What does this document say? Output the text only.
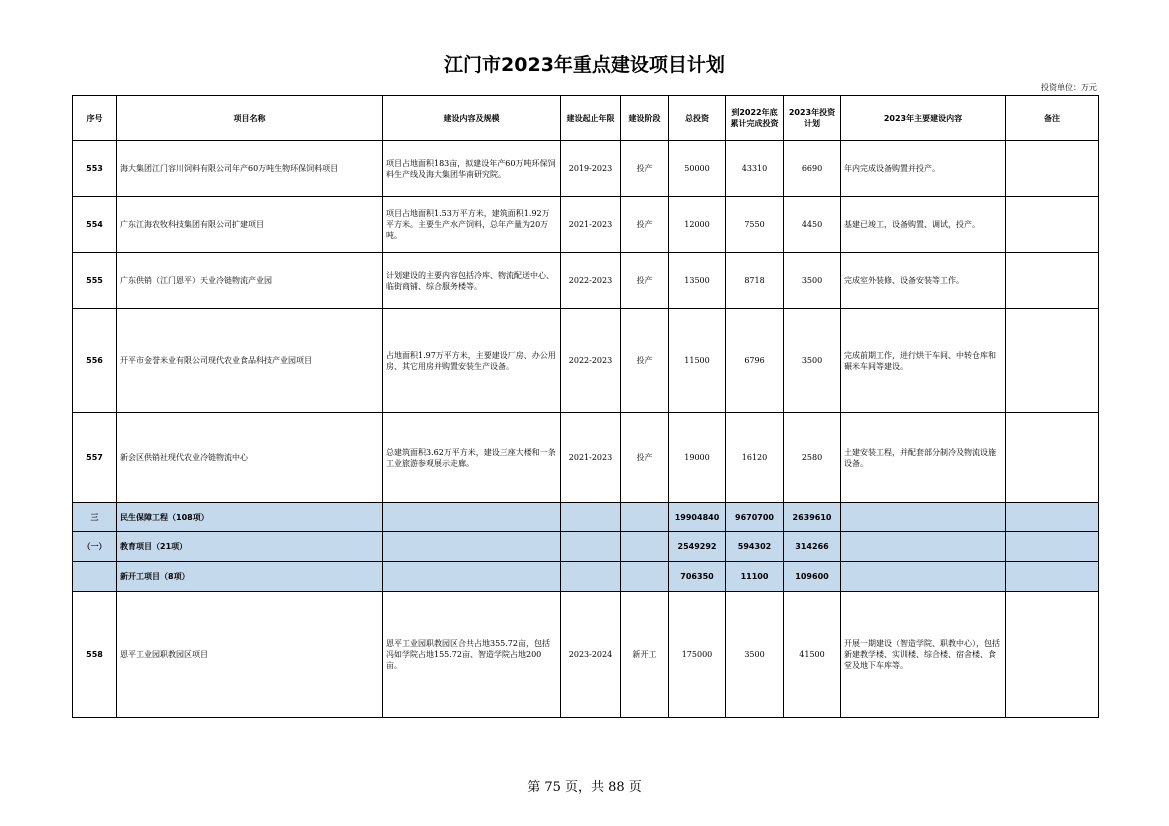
江门市2023年重点建设项目计划
投资单位：万元
序号	项目名称	建设内容及规模	建设起止年限	建设阶段	总投资	到2022年底累计完成投资	2023年投资计划	2023年主要建设内容	备注
553	海大集团江门容川饲料有限公司年产60万吨生物环保饲料项目	项目占地面积183亩，拟建设年产60万吨环保饲料生产线及海大集团华南研究院。	2019-2023	投产	50000	43310	6690	年内完成设备购置并投产。	
554	广东江海农牧科技集团有限公司扩建项目	项目占地面积1.53万平方米，建筑面积1.92万平方米。主要生产水产饲料，总年产量为20万吨。	2021-2023	投产	12000	7550	4450	基建已竣工，设备购置、调试，投产。	
555	广东供销（江门恩平）天业冷链物流产业园	计划建设的主要内容包括冷库、物流配送中心、临街商铺、综合服务楼等。	2022-2023	投产	13500	8718	3500	完成室外装修、设备安装等工作。	
556	开平市金誉米业有限公司现代农业食品科技产业园项目	占地面积1.97万平方米，主要建设厂房、办公用房、其它用房并购置安装生产设备。	2022-2023	投产	11500	6796	3500	完成前期工作，进行烘干车间、中转仓库和碾米车间等建设。	
557	新会区供销社现代农业冷链物流中心	总建筑面积3.62万平方米，建设三座大楼和一条工业旅游参观展示走廊。	2021-2023	投产	19000	16120	2580	土建安装工程，并配套部分制冷及物流设施设备。	
三	民生保障工程（108项）				19904840	9670700	2639610		
（一）	教育项目（21项）				2549292	594302	314266		
	新开工项目（8项）				706350	11100	109600		
558	恩平工业园职教园区项目	恩平工业园职教园区合共占地355.72亩，包括冯如学院占地155.72亩、智造学院占地200亩。	2023-2024	新开工	175000	3500	41500	开展一期建设（智造学院、职教中心），包括新建教学楼、实训楼、综合楼、宿舍楼、食堂及地下车库等。	
第 75 页，共 88 页
